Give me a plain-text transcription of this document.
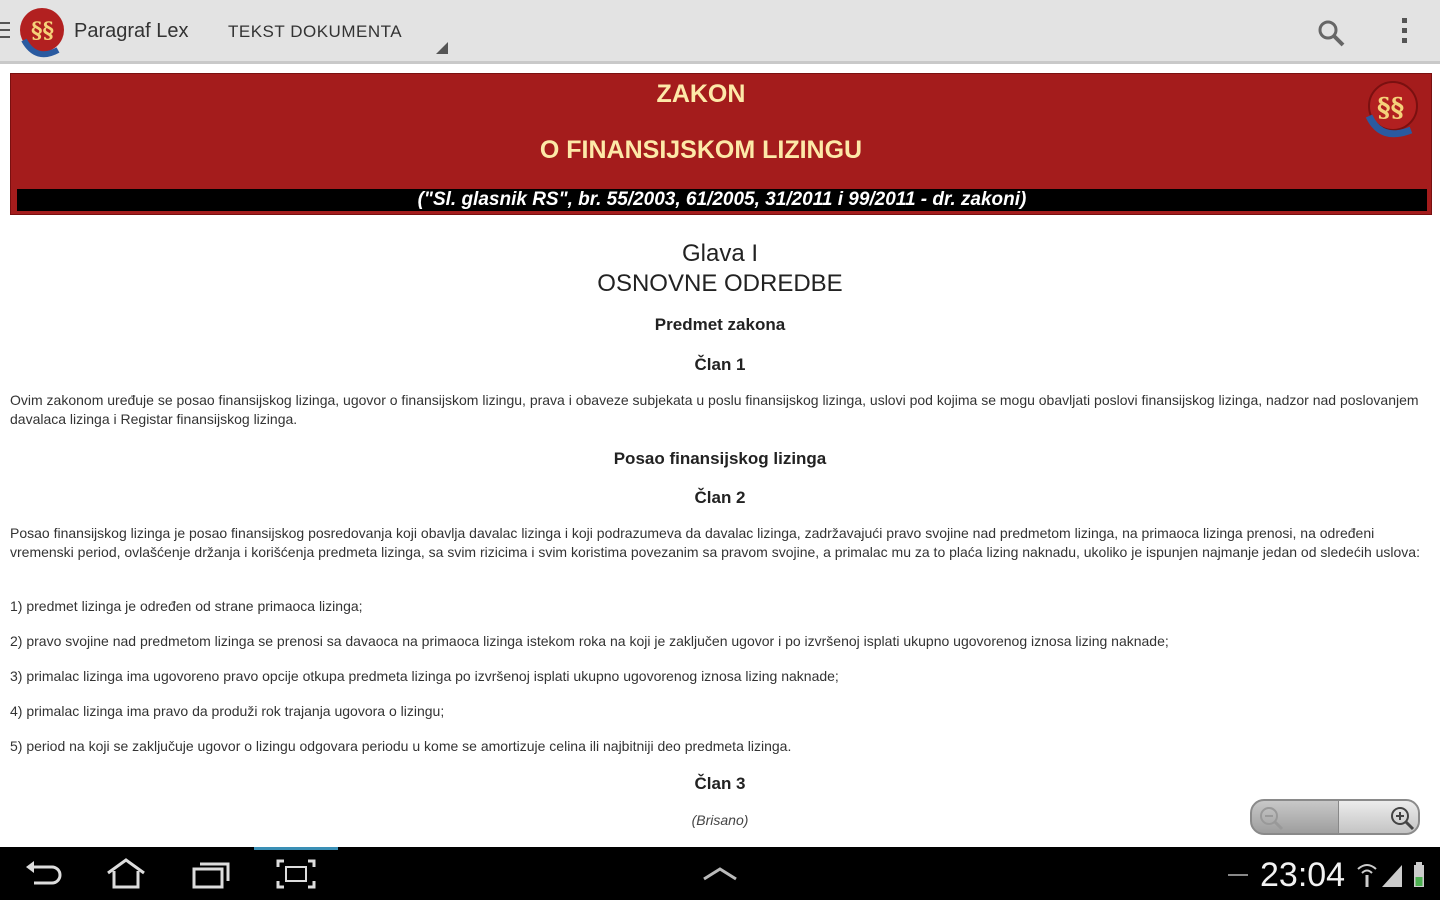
§§ Paragraf Lex TEKST DOKUMENTA
ZAKON
O FINANSIJSKOM LIZINGU
§§
("Sl. glasnik RS", br. 55/2003, 61/2005, 31/2011 i 99/2011 - dr. zakoni)
Glava I
OSNOVNE ODREDBE
Predmet zakona
Član 1
Ovim zakonom uređuje se posao finansijskog lizinga, ugovor o finansijskom lizingu, prava i obaveze subjekata u poslu finansijskog lizinga, uslovi pod kojima se mogu obavljati poslovi finansijskog lizinga, nadzor nad poslovanjem davalaca lizinga i Registar finansijskog lizinga.
Posao finansijskog lizinga
Član 2
Posao finansijskog lizinga je posao finansijskog posredovanja koji obavlja davalac lizinga i koji podrazumeva da davalac lizinga, zadržavajući pravo svojine nad predmetom lizinga, na primaoca lizinga prenosi, na određeni vremenski period, ovlašćenje držanja i korišćenja predmeta lizinga, sa svim rizicima i svim koristima povezanim sa pravom svojine, a primalac mu za to plaća lizing naknadu, ukoliko je ispunjen najmanje jedan od sledećih uslova:
1) predmet lizinga je određen od strane primaoca lizinga;
2) pravo svojine nad predmetom lizinga se prenosi sa davaoca na primaoca lizinga istekom roka na koji je zaključen ugovor i po izvršenoj isplati ukupno ugovorenog iznosa lizing naknade;
3) primalac lizinga ima ugovoreno pravo opcije otkupa predmeta lizinga po izvršenoj isplati ukupno ugovorenog iznosa lizing naknade;
4) primalac lizinga ima pravo da produži rok trajanja ugovora o lizingu;
5) period na koji se zaključuje ugovor o lizingu odgovara periodu u kome se amortizuje celina ili najbitniji deo predmeta lizinga.
Član 3
(Brisano)
23:04
